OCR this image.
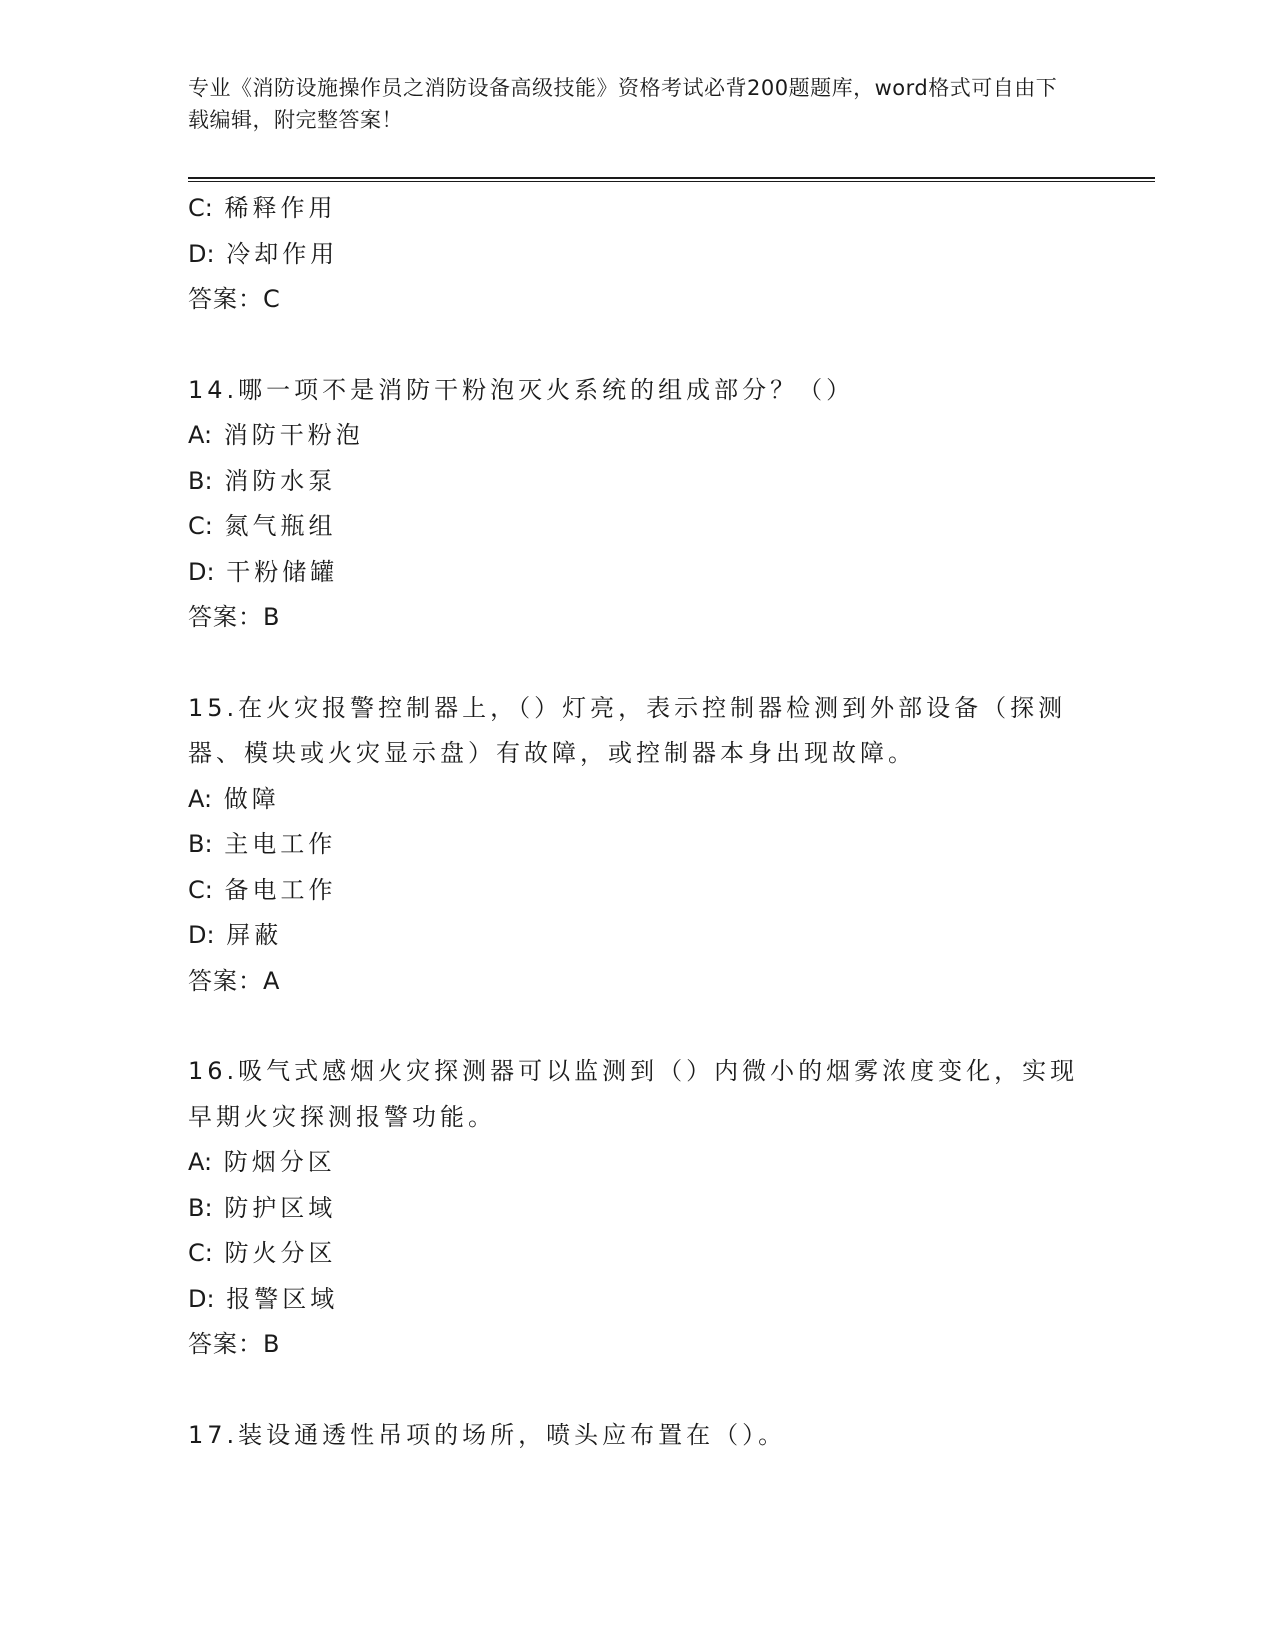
专业《消防设施操作员之消防设备高级技能》资格考试必背200题题库，word格式可自由下载编辑，附完整答案！
C: 稀释作用
D: 冷却作用
答案：C
14.哪一项不是消防干粉泡灭火系统的组成部分？（）
A: 消防干粉泡
B: 消防水泵
C: 氮气瓶组
D: 干粉储罐
答案：B
15.在火灾报警控制器上，（）灯亮，表示控制器检测到外部设备（探测器、模块或火灾显示盘）有故障，或控制器本身出现故障。
A: 做障
B: 主电工作
C: 备电工作
D: 屏蔽
答案：A
16.吸气式感烟火灾探测器可以监测到（）内微小的烟雾浓度变化，实现早期火灾探测报警功能。
A: 防烟分区
B: 防护区域
C: 防火分区
D: 报警区域
答案：B
17.装设通透性吊项的场所，喷头应布置在（）。
